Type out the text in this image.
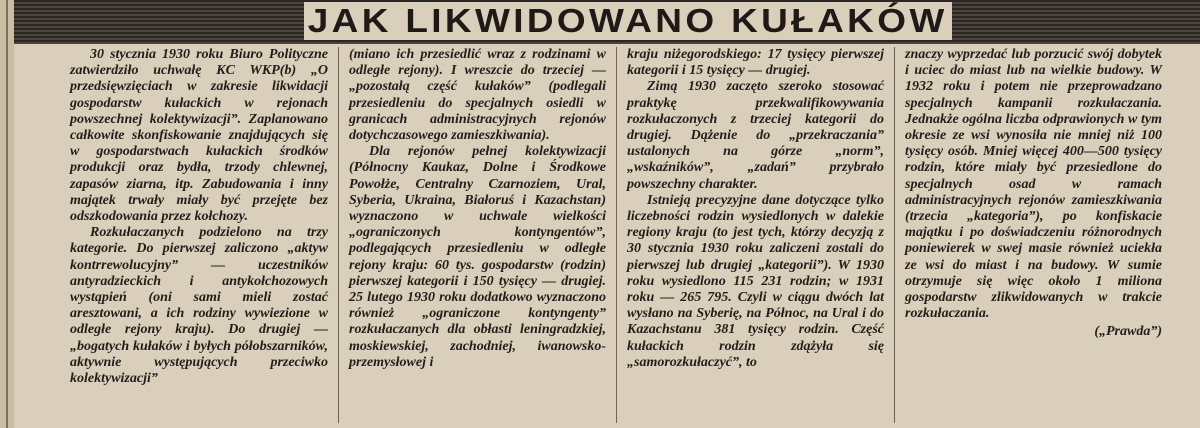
JAK LIKWIDOWANO KUŁAKÓW

30 stycznia 1930 roku Biuro Polityczne zatwierdziło uchwałę KC WKP(b) „O przedsięwzięciach w zakresie likwidacji gospodarstw kułackich w rejonach powszechnej kolektywizacji”. Zaplanowano całkowite skonfiskowanie znajdujących się w gospodarstwach kułackich środków produkcji oraz bydła, trzody chlewnej, zapasów ziarna, itp. Zabudowania i inny majątek trwały miały być przejęte bez odszkodowania przez kołchozy.

Rozkułaczanych podzielono na trzy kategorie. Do pierwszej zaliczono „aktyw kontrrewolucyjny” — uczestników antyradzieckich i antykołchozowych wystąpień (oni sami mieli zostać aresztowani, a ich rodziny wywiezione w odległe rejony kraju). Do drugiej — „bogatych kułaków i byłych półobszarników, aktywnie występujących przeciwko kolektywizacji”

(miano ich przesiedlić wraz z rodzinami w odległe rejony). I wreszcie do trzeciej — „pozostałą część kułaków” (podlegali przesiedleniu do specjalnych osiedli w granicach administracyjnych rejonów dotychczasowego zamieszkiwania).

Dla rejonów pełnej kolektywizacji (Północny Kaukaz, Dolne i Środkowe Powołże, Centralny Czarnoziem, Ural, Syberia, Ukraina, Białoruś i Kazachstan) wyznaczono w uchwale wielkości „ograniczonych kontyngentów”, podlegających przesiedleniu w odległe rejony kraju: 60 tys. gospodarstw (rodzin) pierwszej kategorii i 150 tysięcy — drugiej. 25 lutego 1930 roku dodatkowo wyznaczono również „ograniczone kontyngenty” rozkułaczanych dla obłasti leningradzkiej, moskiewskiej, zachodniej, iwanowsko-przemysłowej i

kraju niżegorodskiego: 17 tysięcy pierwszej kategorii i 15 tysięcy — drugiej.

Zimą 1930 zaczęto szeroko stosować praktykę przekwalifikowywania rozkułaczonych z trzeciej kategorii do drugiej. Dążenie do „przekraczania” ustalonych na górze „norm”, „wskaźników”, „zadań” przybrało powszechny charakter.

Istnieją precyzyjne dane dotyczące tylko liczebności rodzin wysiedlonych w dalekie regiony kraju (to jest tych, którzy decyzją z 30 stycznia 1930 roku zaliczeni zostali do pierwszej lub drugiej „kategorii”). W 1930 roku wysiedlono 115 231 rodzin; w 1931 roku — 265 795. Czyli w ciągu dwóch lat wysłano na Syberię, na Północ, na Ural i do Kazachstanu 381 tysięcy rodzin. Część kułackich rodzin zdążyła się „samorozkułaczyć”, to

znaczy wyprzedać lub porzucić swój dobytek i uciec do miast lub na wielkie budowy. W 1932 roku i potem nie przeprowadzano specjalnych kampanii rozkułaczania. Jednakże ogólna liczba odprawionych w tym okresie ze wsi wynosiła nie mniej niż 100 tysięcy osób. Mniej więcej 400—500 tysięcy rodzin, które miały być przesiedlone do specjalnych osad w ramach administracyjnych rejonów zamieszkiwania (trzecia „kategoria”), po konfiskacie majątku i po doświadczeniu różnorodnych poniewierek w swej masie również uciekła ze wsi do miast i na budowy. W sumie otrzymuje się więc około 1 miliona gospodarstw zlikwidowanych w trakcie rozkułaczania.

(„Prawda”)
